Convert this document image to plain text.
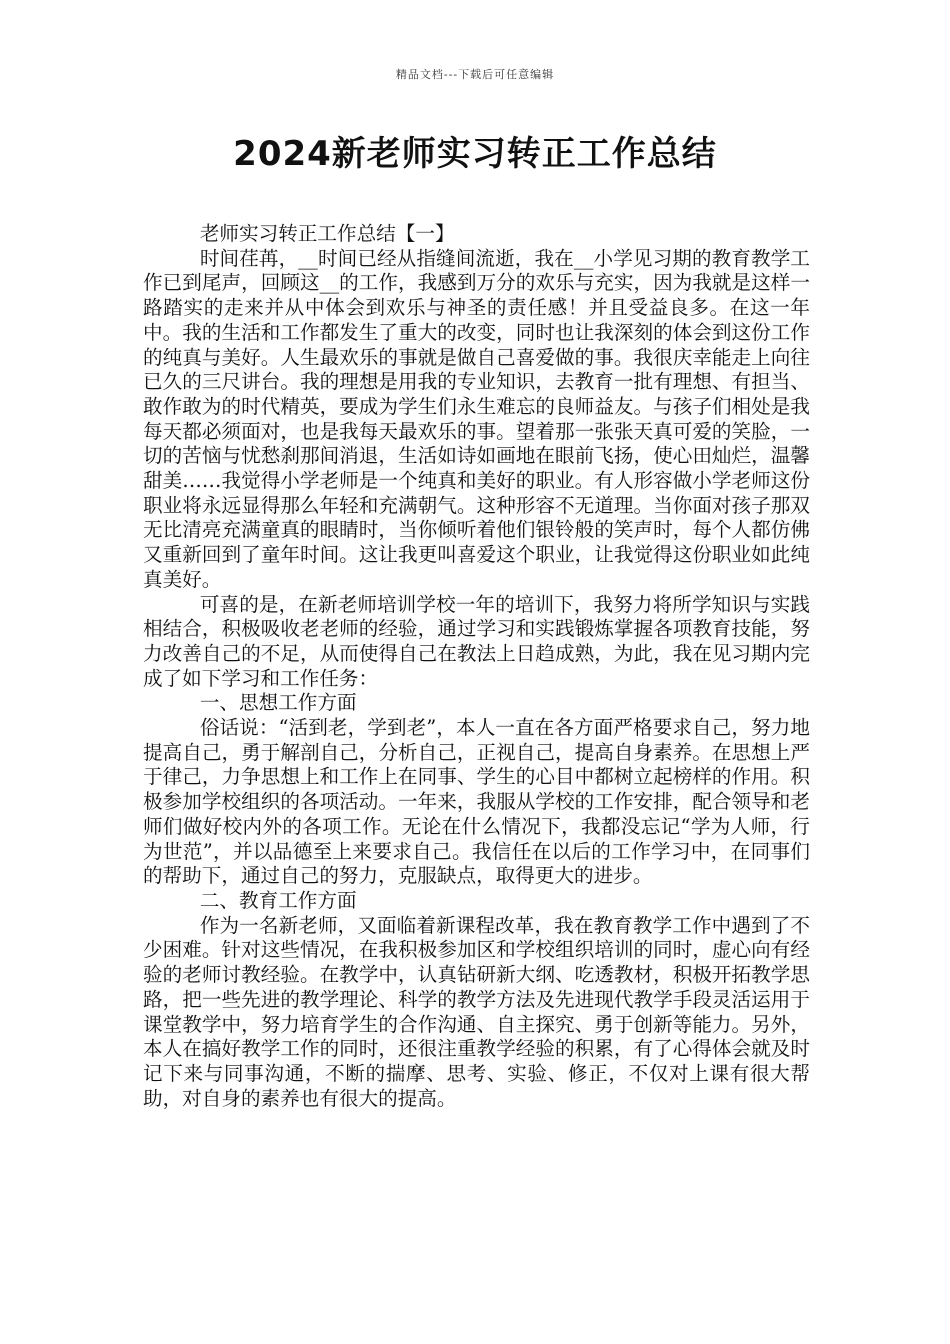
精品文档---下载后可任意编辑
2024新老师实习转正工作总结

老师实习转正工作总结【一】

时间荏苒，__时间已经从指缝间流逝，我在__小学见习期的教育教学工作已到尾声，回顾这__的工作，我感到万分的欢乐与充实，因为我就是这样一路踏实的走来并从中体会到欢乐与神圣的责任感！并且受益良多。在这一年中。我的生活和工作都发生了重大的改变，同时也让我深刻的体会到这份工作的纯真与美好。人生最欢乐的事就是做自己喜爱做的事。我很庆幸能走上向往已久的三尺讲台。我的理想是用我的专业知识，去教育一批有理想、有担当、敢作敢为的时代精英，要成为学生们永生难忘的良师益友。与孩子们相处是我每天都必须面对，也是我每天最欢乐的事。望着那一张张天真可爱的笑脸，一切的苦恼与忧愁刹那间消退，生活如诗如画地在眼前飞扬，使心田灿烂，温馨甜美……我觉得小学老师是一个纯真和美好的职业。有人形容做小学老师这份职业将永远显得那么年轻和充满朝气。这种形容不无道理。当你面对孩子那双无比清亮充满童真的眼睛时，当你倾听着他们银铃般的笑声时，每个人都仿佛又重新回到了童年时间。这让我更叫喜爱这个职业，让我觉得这份职业如此纯真美好。

可喜的是，在新老师培训学校一年的培训下，我努力将所学知识与实践相结合，积极吸收老老师的经验，通过学习和实践锻炼掌握各项教育技能，努力改善自己的不足，从而使得自己在教法上日趋成熟，为此，我在见习期内完成了如下学习和工作任务：

一、思想工作方面

俗话说：“活到老，学到老”，本人一直在各方面严格要求自己，努力地提高自己，勇于解剖自己，分析自己，正视自己，提高自身素养。在思想上严于律己，力争思想上和工作上在同事、学生的心目中都树立起榜样的作用。积极参加学校组织的各项活动。一年来，我服从学校的工作安排，配合领导和老师们做好校内外的各项工作。无论在什么情况下，我都没忘记“学为人师，行为世范”，并以品德至上来要求自己。我信任在以后的工作学习中，在同事们的帮助下，通过自己的努力，克服缺点，取得更大的进步。

二、教育工作方面

作为一名新老师，又面临着新课程改革，我在教育教学工作中遇到了不少困难。针对这些情况，在我积极参加区和学校组织培训的同时，虚心向有经验的老师讨教经验。在教学中，认真钻研新大纲、吃透教材，积极开拓教学思路，把一些先进的教学理论、科学的教学方法及先进现代教学手段灵活运用于课堂教学中，努力培育学生的合作沟通、自主探究、勇于创新等能力。另外，本人在搞好教学工作的同时，还很注重教学经验的积累，有了心得体会就及时记下来与同事沟通，不断的揣摩、思考、实验、修正，不仅对上课有很大帮助，对自身的素养也有很大的提高。
